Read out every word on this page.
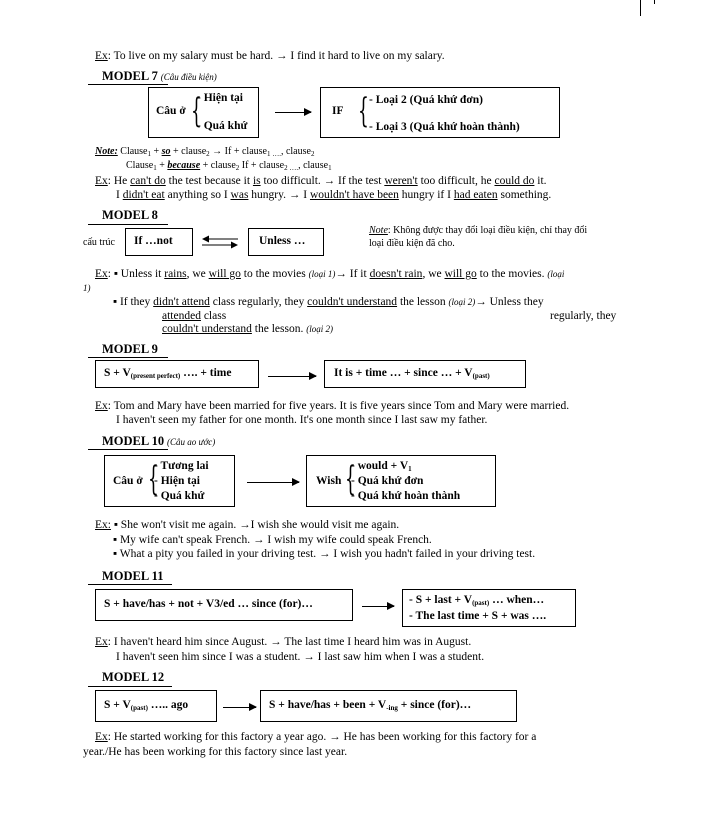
Ex: To live on my salary must be hard. → I find it hard to live on my salary.
MODEL 7 (Câu điều kiện)
Câu ở {
- Hiện tại
- Quá khứ
IF { - Loại 2 (Quá khứ đơn)
- Loại 3 (Quá khứ hoàn thành)
Note: Clause$_1$ + so + clause$_2$ → If + clause$_{1 \dots.}$, clause$_2$
Clause$_1$ + because + clause$_2$ If + clause$_{2 \dots.}$, clause$_1$
Ex: He can't do the test because it is too difficult. → If the test weren't too difficult, he could do it.
I didn't eat anything so I was hungry. → I wouldn't have been hungry if I had eaten something.
MODEL 8
cấu trúc If …not	Unless …
Note: Không được thay đổi loại điều kiện, chỉ thay đổi
loại điều kiện đã cho.
Ex: ▪ Unless it rains, we will go to the movies (loại 1)→ If it doesn't rain, we will go to the movies. (loại
1)
▪ If they didn't attend class regularly, they couldn't understand the lesson (loại 2)→ Unless they
attended class	regularly, they
couldn't understand the lesson. (loại 2)
MODEL 9
$S + V_{(present perfect)}$ …. + time	It is + time … + since … + $V_{(past)}$
Ex: Tom and Mary have been married for five years. It is five years since Tom and Mary were married.
I haven't seen my father for one month. It's one month since I last saw my father.
MODEL 10 (Câu ao ước)
Câu ở {
- Tương lai
- Hiện tại
- Quá khứ
Wish {
- would + $V_1$
- Quá khứ đơn
- Quá khứ hoàn thành
Ex: ▪ She won't visit me again. →I wish she would visit me again.
▪ My wife can't speak French. → I wish my wife could speak French.
▪ What a pity you failed in your driving test. → I wish you hadn't failed in your driving test.
MODEL 11
S + have/has + not + V3/ed … since (for)…	- S + last + $V_{(past)}$ … when…
- The last time + S + was ….
Ex: I haven't heard him since August. → The last time I heard him was in August.
I haven't seen him since I was a student. → I last saw him when I was a student.
MODEL 12
$S + V_{(past)}$ ….. ago	S + have/has + been + $V_{-ing}$ + since (for)…
Ex: He started working for this factory a year ago. → He has been working for this factory for a
year./He has been working for this factory since last year.
